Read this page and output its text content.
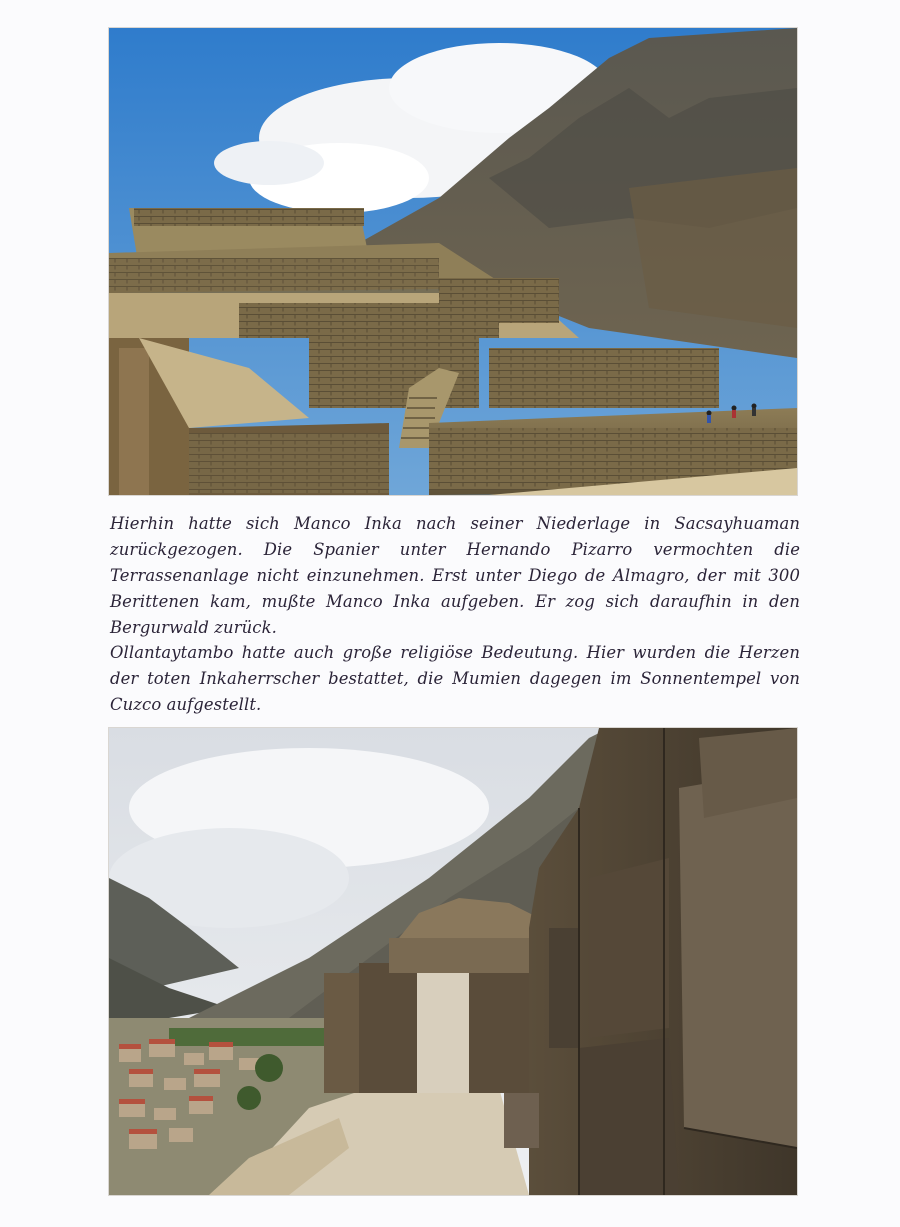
Hierhin hatte sich Manco Inka nach seiner Niederlage in Sacsayhuaman zurückgezogen. Die Spanier unter Hernando Pizarro vermochten die Terrassenanlage nicht einzunehmen. Erst unter Diego de Almagro, der mit 300 Berittenen kam, mußte Manco Inka aufgeben. Er zog sich daraufhin in den Bergurwald zurück.

Ollantaytambo hatte auch große religiöse Bedeutung. Hier wurden die Herzen der toten Inkaherrscher bestattet, die Mumien dagegen im Sonnentempel von Cuzco aufgestellt.
